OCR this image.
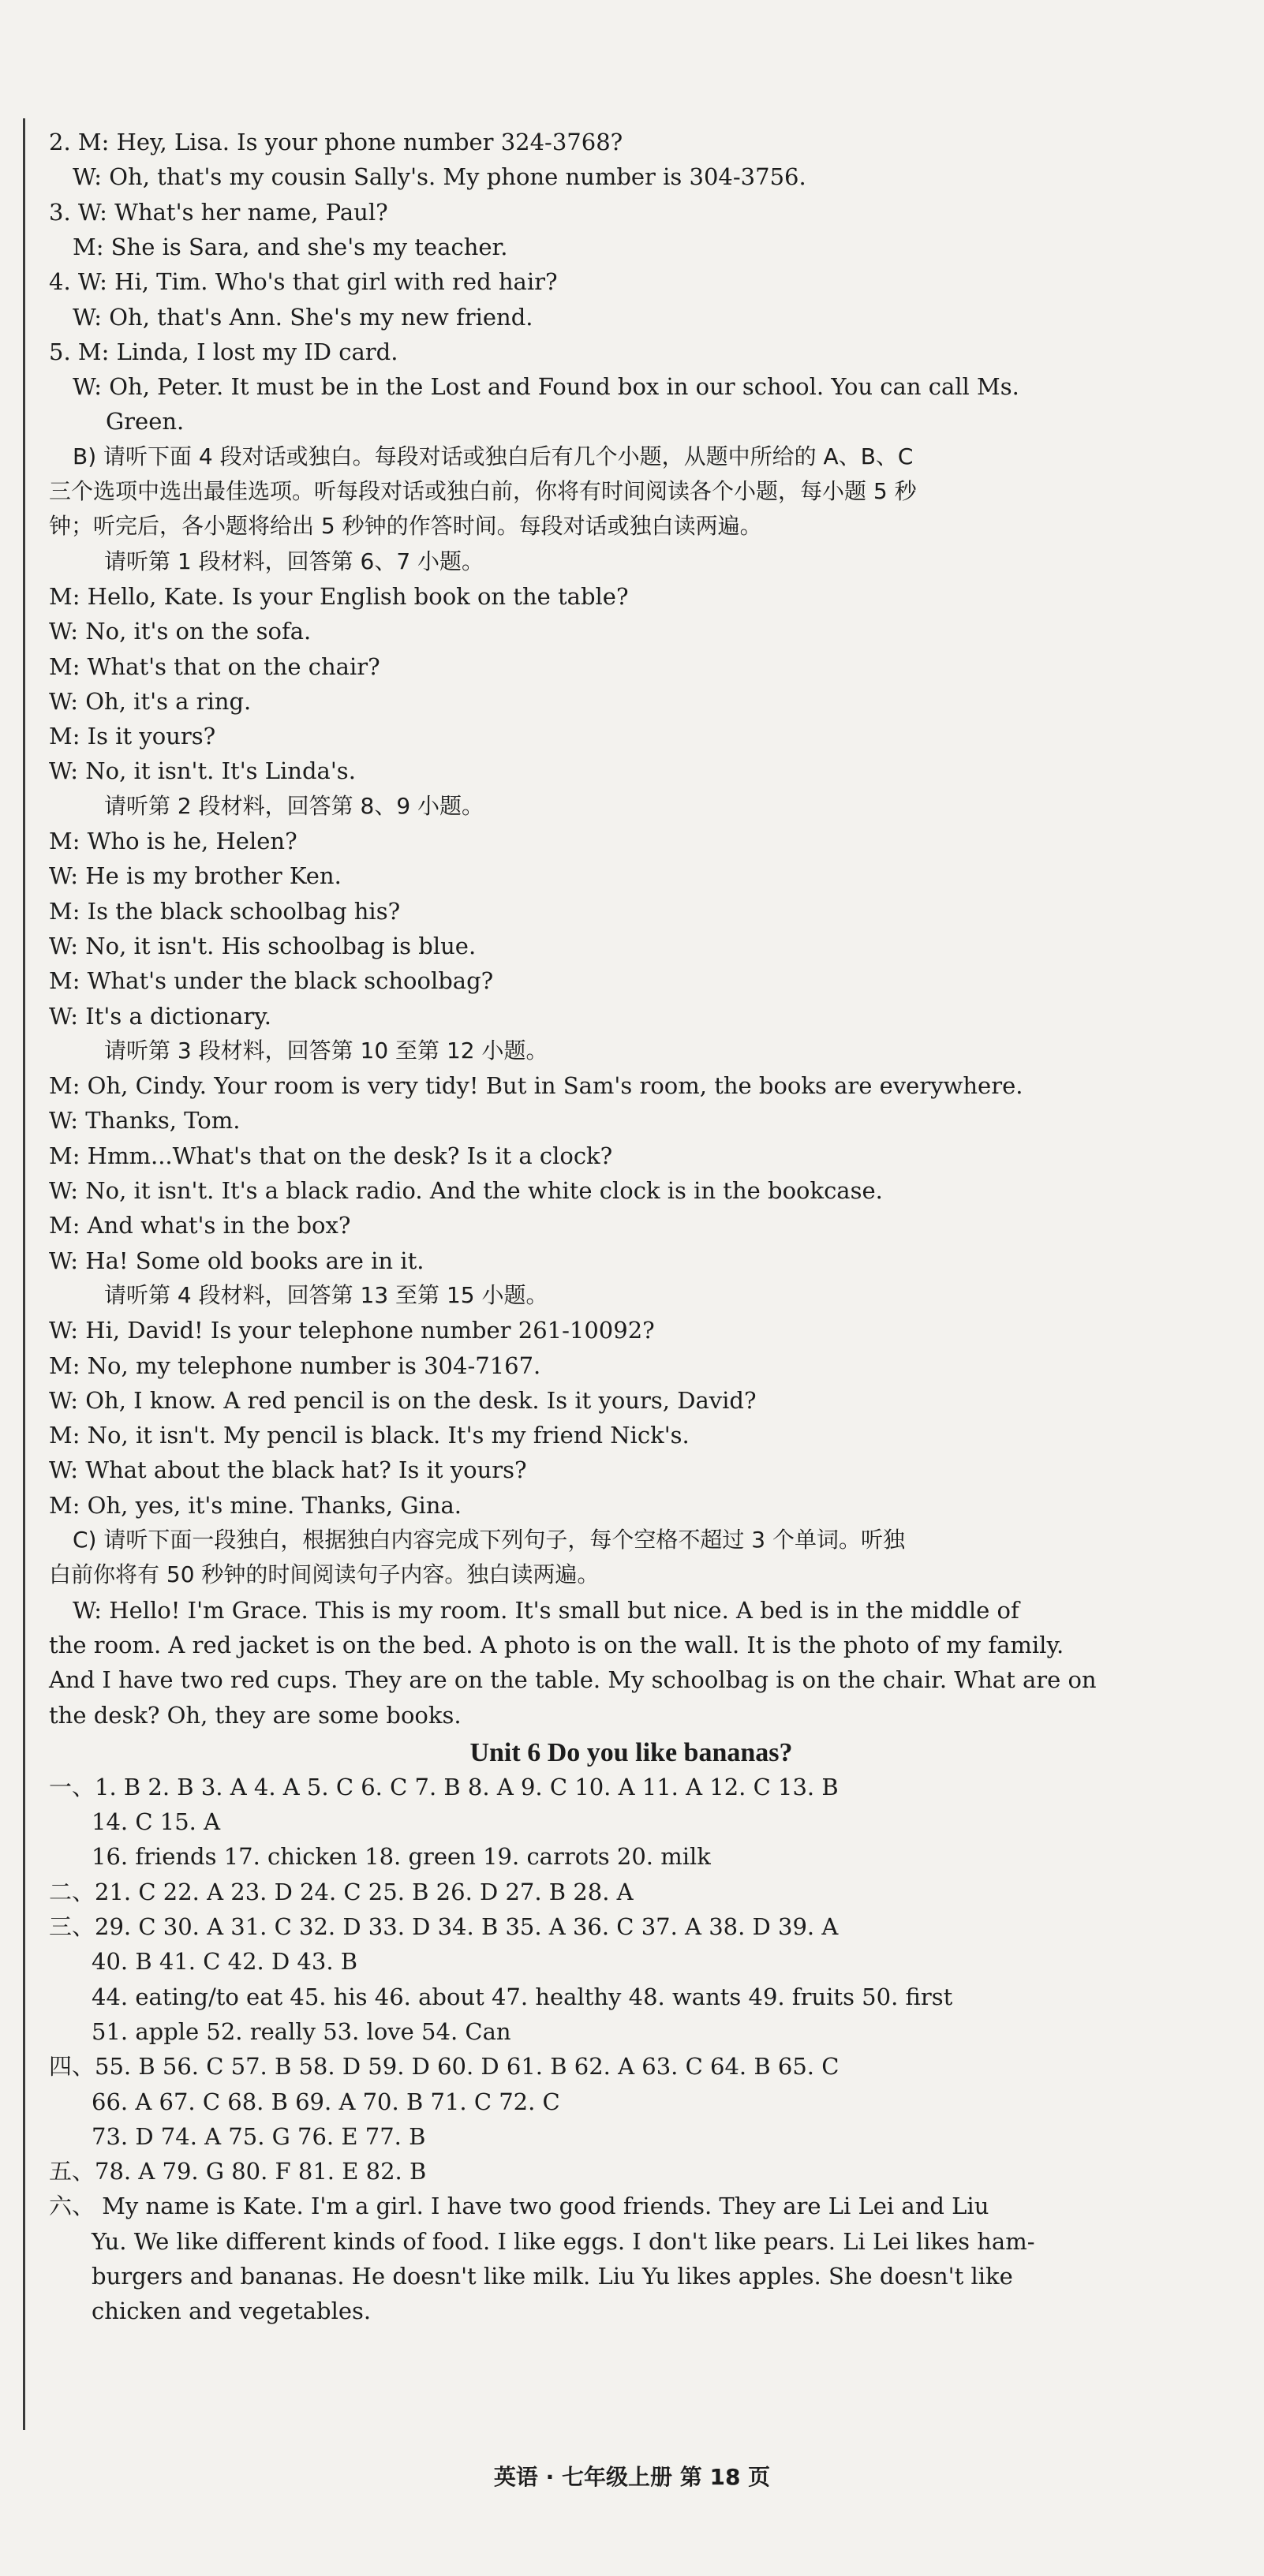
2. M: Hey, Lisa. Is your phone number 324-3768?
W: Oh, that's my cousin Sally's. My phone number is 304-3756.
3. W: What's her name, Paul?
M: She is Sara, and she's my teacher.
4. W: Hi, Tim. Who's that girl with red hair?
W: Oh, that's Ann. She's my new friend.
5. M: Linda, I lost my ID card.
W: Oh, Peter. It must be in the Lost and Found box in our school. You can call Ms.
Green.
B) 请听下面 4 段对话或独白。每段对话或独白后有几个小题，从题中所给的 A、B、C
三个选项中选出最佳选项。听每段对话或独白前，你将有时间阅读各个小题，每小题 5 秒
钟；听完后，各小题将给出 5 秒钟的作答时间。每段对话或独白读两遍。
请听第 1 段材料，回答第 6、7 小题。
M: Hello, Kate. Is your English book on the table?
W: No, it's on the sofa.
M: What's that on the chair?
W: Oh, it's a ring.
M: Is it yours?
W: No, it isn't. It's Linda's.
请听第 2 段材料，回答第 8、9 小题。
M: Who is he, Helen?
W: He is my brother Ken.
M: Is the black schoolbag his?
W: No, it isn't. His schoolbag is blue.
M: What's under the black schoolbag?
W: It's a dictionary.
请听第 3 段材料，回答第 10 至第 12 小题。
M: Oh, Cindy. Your room is very tidy! But in Sam's room, the books are everywhere.
W: Thanks, Tom.
M: Hmm...What's that on the desk? Is it a clock?
W: No, it isn't. It's a black radio. And the white clock is in the bookcase.
M: And what's in the box?
W: Ha! Some old books are in it.
请听第 4 段材料，回答第 13 至第 15 小题。
W: Hi, David! Is your telephone number 261-10092?
M: No, my telephone number is 304-7167.
W: Oh, I know. A red pencil is on the desk. Is it yours, David?
M: No, it isn't. My pencil is black. It's my friend Nick's.
W: What about the black hat? Is it yours?
M: Oh, yes, it's mine. Thanks, Gina.
C) 请听下面一段独白，根据独白内容完成下列句子，每个空格不超过 3 个单词。听独
白前你将有 50 秒钟的时间阅读句子内容。独白读两遍。
W: Hello! I'm Grace. This is my room. It's small but nice. A bed is in the middle of
the room. A red jacket is on the bed. A photo is on the wall. It is the photo of my family.
And I have two red cups. They are on the table. My schoolbag is on the chair. What are on
the desk? Oh, they are some books.
一、1. B 2. B 3. A 4. A 5. C 6. C 7. B 8. A 9. C 10. A 11. A 12. C 13. B
14. C 15. A
16. friends 17. chicken 18. green 19. carrots 20. milk
二、21. C 22. A 23. D 24. C 25. B 26. D 27. B 28. A
三、29. C 30. A 31. C 32. D 33. D 34. B 35. A 36. C 37. A 38. D 39. A
40. B 41. C 42. D 43. B
44. eating/to eat 45. his 46. about 47. healthy 48. wants 49. fruits 50. first
51. apple 52. really 53. love 54. Can
四、55. B 56. C 57. B 58. D 59. D 60. D 61. B 62. A 63. C 64. B 65. C
66. A 67. C 68. B 69. A 70. B 71. C 72. C
73. D 74. A 75. G 76. E 77. B
五、78. A 79. G 80. F 81. E 82. B
六、 My name is Kate. I'm a girl. I have two good friends. They are Li Lei and Liu
Yu. We like different kinds of food. I like eggs. I don't like pears. Li Lei likes ham-
burgers and bananas. He doesn't like milk. Liu Yu likes apples. She doesn't like
chicken and vegetables.
Unit 6 Do you like bananas?
英语 · 七年级上册 第 18 页
